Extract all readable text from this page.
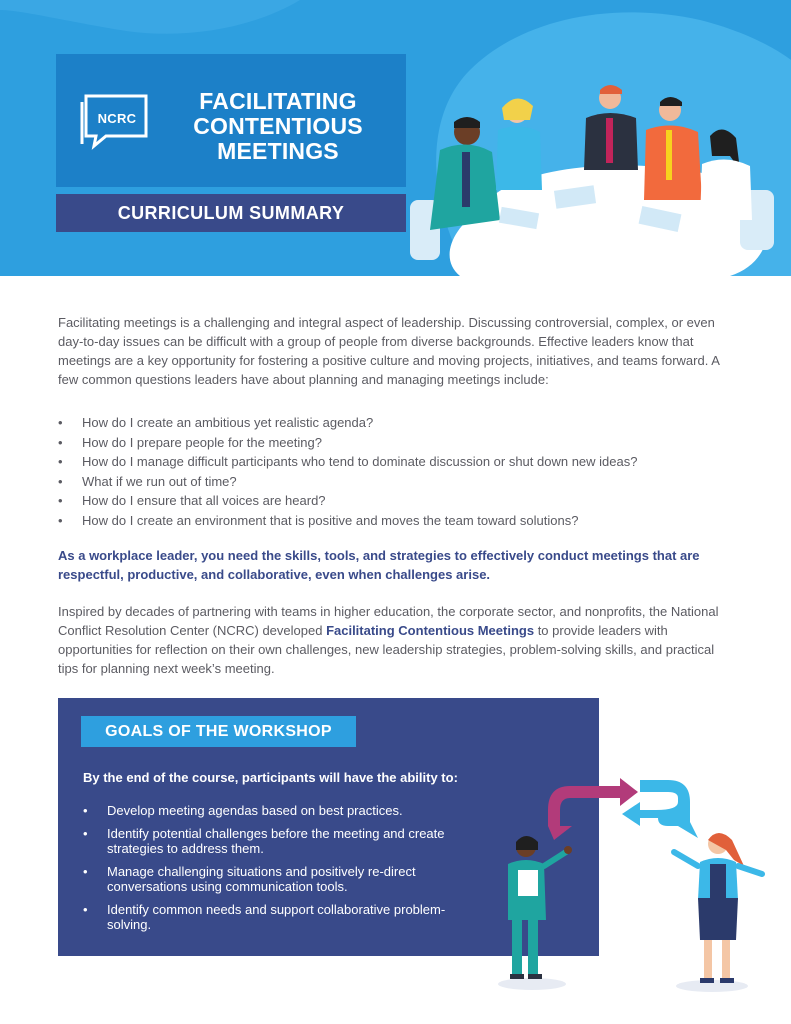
NCRC
FACILITATING
CONTENTIOUS
MEETINGS
CURRICULUM SUMMARY

Facilitating meetings is a challenging and integral aspect of leadership. Discussing controversial, complex, or even day-to-day issues can be difficult with a group of people from diverse backgrounds. Effective leaders know that meetings are a key opportunity for fostering a positive culture and moving projects, initiatives, and teams forward. A few common questions leaders have about planning and managing meetings include:

• How do I create an ambitious yet realistic agenda?
• How do I prepare people for the meeting?
• How do I manage difficult participants who tend to dominate discussion or shut down new ideas?
• What if we run out of time?
• How do I ensure that all voices are heard?
• How do I create an environment that is positive and moves the team toward solutions?

As a workplace leader, you need the skills, tools, and strategies to effectively conduct meetings that are respectful, productive, and collaborative, even when challenges arise.

Inspired by decades of partnering with teams in higher education, the corporate sector, and nonprofits, the National Conflict Resolution Center (NCRC) developed Facilitating Contentious Meetings to provide leaders with opportunities for reflection on their own challenges, new leadership strategies, problem-solving skills, and practical tips for planning next week’s meeting.

GOALS OF THE WORKSHOP
By the end of the course, participants will have the ability to:
• Develop meeting agendas based on best practices.
• Identify potential challenges before the meeting and create strategies to address them.
• Manage challenging situations and positively re-direct conversations using communication tools.
• Identify common needs and support collaborative problem-solving.
